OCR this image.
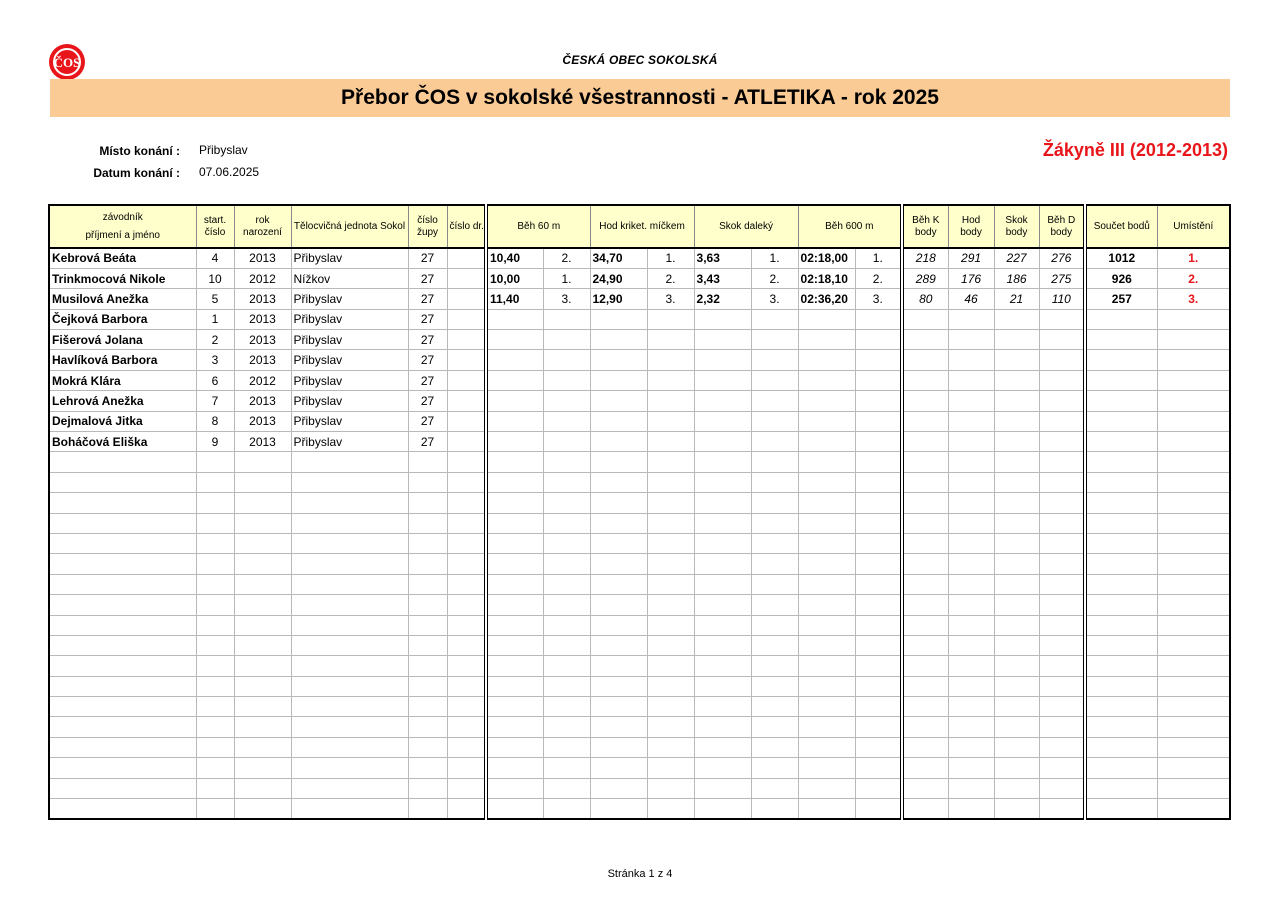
ČOS	ČESKÁ OBEC SOKOLSKÁ
Přebor ČOS v sokolské všestrannosti - ATLETIKA - rok 2025
Místo konání : Přibyslav
Datum konání : 07.06.2025
Žákyně III (2012-2013)
závodník
příjmení a jméno	start. číslo	rok narození	Tělocvičná jednota Sokol	číslo župy	číslo dr.	Běh 60 m		Hod kriket. míčkem		Skok daleký		Běh 600 m		Běh K body	Hod body	Skok body	Běh D body	Součet bodů	Umístění
Kebrová Beáta	4	2013	Přibyslav	27		10,40	2.	34,70	1.	3,63	1.	02:18,00	1.	218	291	227	276	1012	1.
Trinkmocová Nikole	10	2012	Nížkov	27		10,00	1.	24,90	2.	3,43	2.	02:18,10	2.	289	176	186	275	926	2.
Musilová Anežka	5	2013	Přibyslav	27		11,40	3.	12,90	3.	2,32	3.	02:36,20	3.	80	46	21	110	257	3.
Čejková Barbora	1	2013	Přibyslav	27															
Fišerová Jolana	2	2013	Přibyslav	27															
Havlíková Barbora	3	2013	Přibyslav	27															
Mokrá Klára	6	2012	Přibyslav	27															
Lehrová Anežka	7	2013	Přibyslav	27															
Dejmalová Jitka	8	2013	Přibyslav	27															
Boháčová Eliška	9	2013	Přibyslav	27															

Stránka 1 z 4
